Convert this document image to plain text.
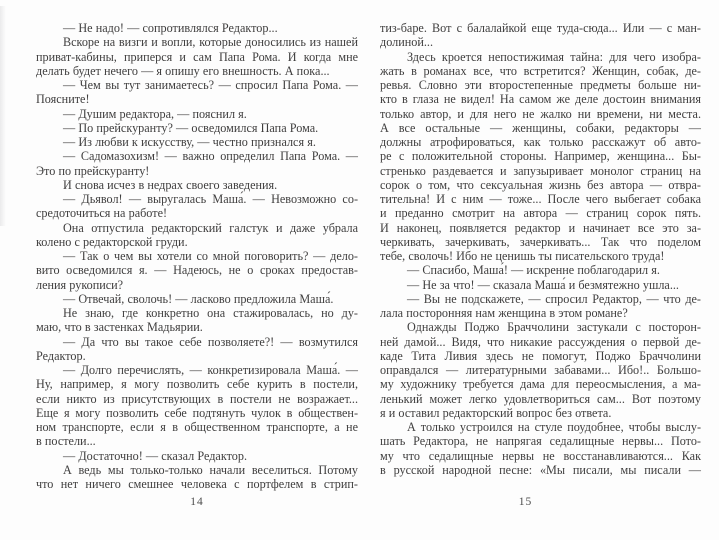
— Не надо! — сопротивлялся Редактор...
Вскоре на визги и вопли, которые доносились из нашей
приват-кабины, приперся и сам Папа Рома. И когда мне
делать будет нечего — я опишу его внешность. А пока...
— Чем вы тут занимаетесь? — спросил Папа Рома. —
Поясните!
— Душим редактора, — пояснил я.
— По прейскуранту? — осведомился Папа Рома.
— Из любви к искусству, — честно признался я.
— Садомазохизм! — важно определил Папа Рома. —
Это по прейскуранту!
И снова исчез в недрах своего заведения.
— Дьявол! — выругалась Маша́. — Невозможно со-
средоточиться на работе!
Она отпустила редакторский галстук и даже убрала
колено с редакторской груди.
— Так о чем вы хотели со мной поговорить? — дело-
вито осведомился я. — Надеюсь, не о сроках предостав-
ления рукописи?
— Отвечай, сволочь! — ласково предложила Маша́.
Не знаю, где конкретно она стажировалась, но ду-
маю, что в застенках Мадьярии.
— Да что вы такое себе позволяете?! — возмутился
Редактор.
— Долго перечислять, — конкретизировала Маша́. —
Ну, например, я могу позволить себе курить в постели,
если никто из присутствующих в постели не возражает...
Еще я могу позволить себе подтянуть чулок в обществен-
ном транспорте, если я в общественном транспорте, а не
в постели...
— Достаточно! — сказал Редактор.
А ведь мы только-только начали веселиться. Потому
что нет ничего смешнее человека с портфелем в стрип-
тиз-баре. Вот с балалайкой еще туда-сюда... Или — с ман-
долиной...
Здесь кроется непостижимая тайна: для чего изобра-
жать в романах все, что встретится? Женщин, собак, де-
ревья. Словно эти второстепенные предметы больше ни-
кто в глаза не видел! На самом же деле достоин внимания
только автор, и для него не жалко ни времени, ни места.
А все остальные — женщины, собаки, редакторы —
должны атрофироваться, как только расскажут об авто-
ре с положительной стороны. Например, женщина... Бы-
стренько раздевается и запузыривает монолог страниц на
сорок о том, что сексуальная жизнь без автора — отвра-
тительна! И с ним — тоже... После чего выбегает собака
и преданно смотрит на автора — страниц сорок пять.
И наконец, появляется редактор и начинает все это за-
черкивать, зачеркивать, зачеркивать... Так что поделом
тебе, сволочь! Ибо не ценишь ты писательского труда!
— Спасибо, Маша́! — искренне поблагодарил я.
— Не за что! — сказала Маша́ и безмятежно ушла...
— Вы не подскажете, — спросил Редактор, — что де-
лала посторонняя нам женщина в этом романе?
Однажды Поджо Браччолини застукали с посторон-
ней дамой... Видя, что никакие рассуждения о первой де-
каде Тита Ливия здесь не помогут, Поджо Браччолини
оправдался — литературными забавами... Ибо!.. Большо-
му художнику требуется дама для переосмысления, а ма-
ленький может легко удовлетвориться сам... Вот поэтому
я и оставил редакторский вопрос без ответа.
А только устроился на стуле поудобнее, чтобы выслу-
шать Редактора, не напрягая седалищные нервы... Пото-
му что седалищные нервы не восстанавливаются... Как
в русской народной песне: «Мы писали, мы писали —
14	15
